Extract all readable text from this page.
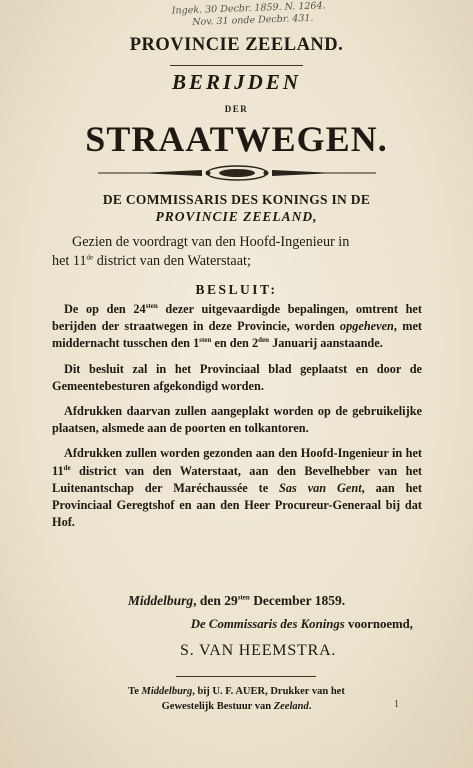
Ingek. 30 Decbr. 1859. N. 1264.
Nov. 31 onde Decbr. 431.
PROVINCIE ZEELAND.
BERIJDEN
DER
STRAATWEGEN.
DE COMMISSARIS DES KONINGS IN DE
PROVINCIE ZEELAND,
Gezien de voordragt van den Hoofd-Ingenieur in
het 11de district van den Waterstaat;
BESLUIT:

De op den $24^{sten}$ dezer uitgevaardigde bepalingen, omtrent het berijden der straatwegen in deze Provincie, worden opgeheven, met middernacht tusschen den $1^{sten}$ en den $2^{den}$ Januarij aanstaande.

Dit besluit zal in het Provinciaal blad geplaatst en door de Gemeentebesturen afgekondigd worden.

Afdrukken daarvan zullen aangeplakt worden op de gebruikelijke plaatsen, alsmede aan de poorten en tolkantoren.

Afdrukken zullen worden gezonden aan den Hoofd-Ingenieur in het 11de district van den Waterstaat, aan den Bevelhebber van het Luitenantschap der Maréchaussée te Sas van Gent, aan het Provinciaal Geregtshof en aan den Heer Procureur-Generaal bij dat Hof.

Middelburg, den $29^{sten}$ December 1859.
De Commissaris des Konings voornoemd,
S. VAN HEEMSTRA.
Te Middelburg, bij U. F. AUER, Drukker van het
Gewestelijk Bestuur van Zeeland.	1
